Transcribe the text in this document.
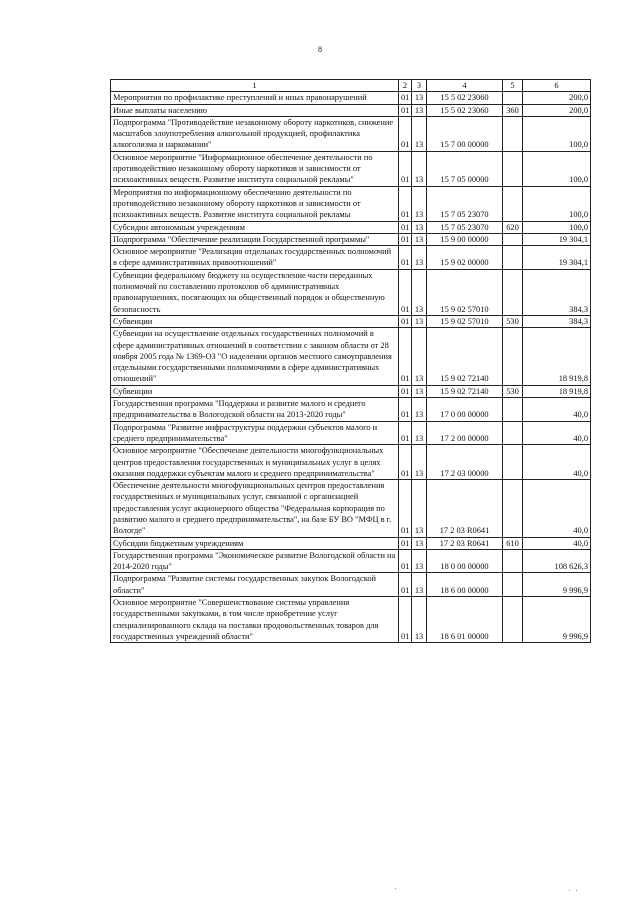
8
1	2	3	4	5	6
Мероприятия по профилактике преступлений и иных правонарушений	01	13	15 5 02 23060		200,0
Иные выплаты населению	01	13	15 5 02 23060	360	200,0
Подпрограмма "Противодействие незаконному обороту наркотиков, снижение масштабов злоупотребления алкогольной продукцией, профилактика алкоголизма и наркомании"	01	13	15 7 00 00000		100,0
Основное мероприятие "Информационное обеспечение деятельности по противодействию незаконному обороту наркотиков и зависимости от психоактивных веществ. Развитие института социальной рекламы"	01	13	15 7 05 00000		100,0
Мероприятия по информационному обеспечению деятельности по противодействию незаконному обороту наркотиков и зависимости от психоактивных веществ. Развитие института социальной рекламы	01	13	15 7 05 23070		100,0
Субсидии автономным учреждениям	01	13	15 7 05 23070	620	100,0
Подпрограмма "Обеспечение реализации Государственной программы"	01	13	15 9 00 00000		19 304,1
Основное мероприятие "Реализация отдельных государственных полномочий в сфере административных правоотношений"	01	13	15 9 02 00000		19 304,1
Субвенции федеральному бюджету на осуществление части переданных полномочий по составлению протоколов об административных правонарушениях, посягающих на общественный порядок и общественную безопасность	01	13	15 9 02 57010		384,3
Субвенции	01	13	15 9 02 57010	530	384,3
Субвенции на осуществление отдельных государственных полномочий в сфере административных отношений в соответствии с законом области от 28 ноября 2005 года № 1369-ОЗ "О наделении органов местного самоуправления отдельными государственными полномочиями в сфере административных отношений"	01	13	15 9 02 72140		18 919,8
Субвенции	01	13	15 9 02 72140	530	18 919,8
Государственная программа "Поддержка и развитие малого и среднего предпринимательства в Вологодской области на 2013-2020 годы"	01	13	17 0 00 00000		40,0
Подпрограмма "Развитие инфраструктуры поддержки субъектов малого и среднего предпринимательства"	01	13	17 2 00 00000		40,0
Основное мероприятие "Обеспечение деятельности многофункциональных центров предоставления государственных и муниципальных услуг в целях оказания поддержки субъектам малого и среднего предпринимательства"	01	13	17 2 03 00000		40,0
Обеспечение деятельности многофункциональных центров предоставления государственных и муниципальных услуг, связанной с организацией предоставления услуг акционерного общества "Федеральная корпорация по развитию малого и среднего предпринимательства", на базе БУ ВО "МФЦ в г. Вологде"	01	13	17 2 03 R0641		40,0
Субсидии бюджетным учреждениям	01	13	17 2 03 R0641	610	40,0
Государственная программа "Экономическое развитие Вологодской области на 2014-2020 годы"	01	13	18 0 00 00000		108 626,3
Подпрограмма "Развитие системы государственных закупок Вологодской области"	01	13	18 6 00 00000		9 996,9
Основное мероприятие "Совершенствование системы управления государственными закупками, в том числе приобретение услуг специализированного склада на поставки продовольственных товаров для государственных учреждений области"	01	13	18 6 01 00000		9 996,9
